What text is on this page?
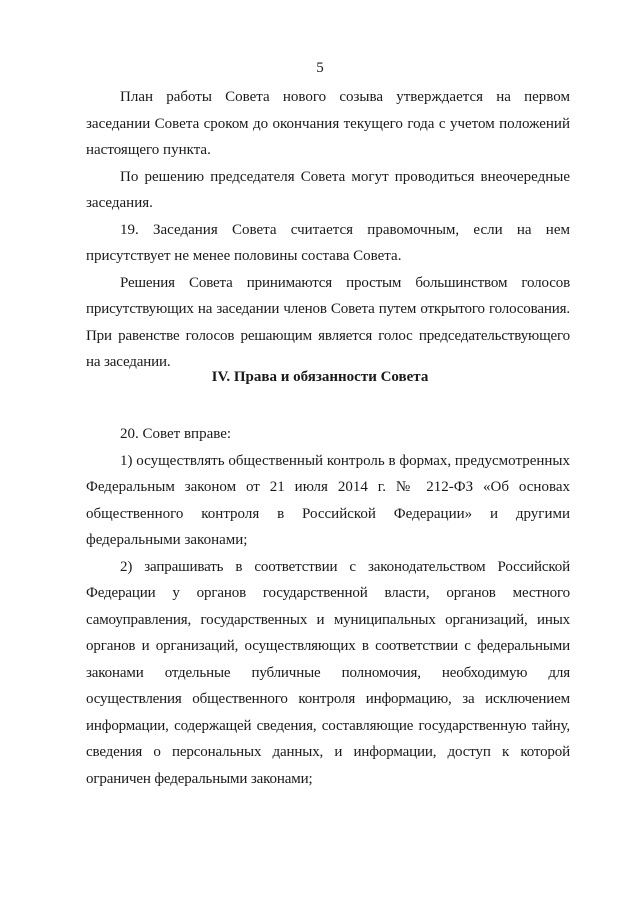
5

План работы Совета нового созыва утверждается на первом заседании Совета сроком до окончания текущего года с учетом положений настоящего пункта.

По решению председателя Совета могут проводиться внеочередные заседания.

19. Заседания Совета считается правомочным, если на нем присутствует не менее половины состава Совета.

Решения Совета принимаются простым большинством голосов присутствующих на заседании членов Совета путем открытого голосования. При равенстве голосов решающим является голос председательствующего на заседании.

IV. Права и обязанности Совета

20. Совет вправе:

1) осуществлять общественный контроль в формах, предусмотренных Федеральным законом от 21 июля 2014 г. № 212-ФЗ «Об основах общественного контроля в Российской Федерации» и другими федеральными законами;

2) запрашивать в соответствии с законодательством Российской Федерации у органов государственной власти, органов местного самоуправления, государственных и муниципальных организаций, иных органов и организаций, осуществляющих в соответствии с федеральными законами отдельные публичные полномочия, необходимую для осуществления общественного контроля информацию, за исключением информации, содержащей сведения, составляющие государственную тайну, сведения о персональных данных, и информации, доступ к которой ограничен федеральными законами;
